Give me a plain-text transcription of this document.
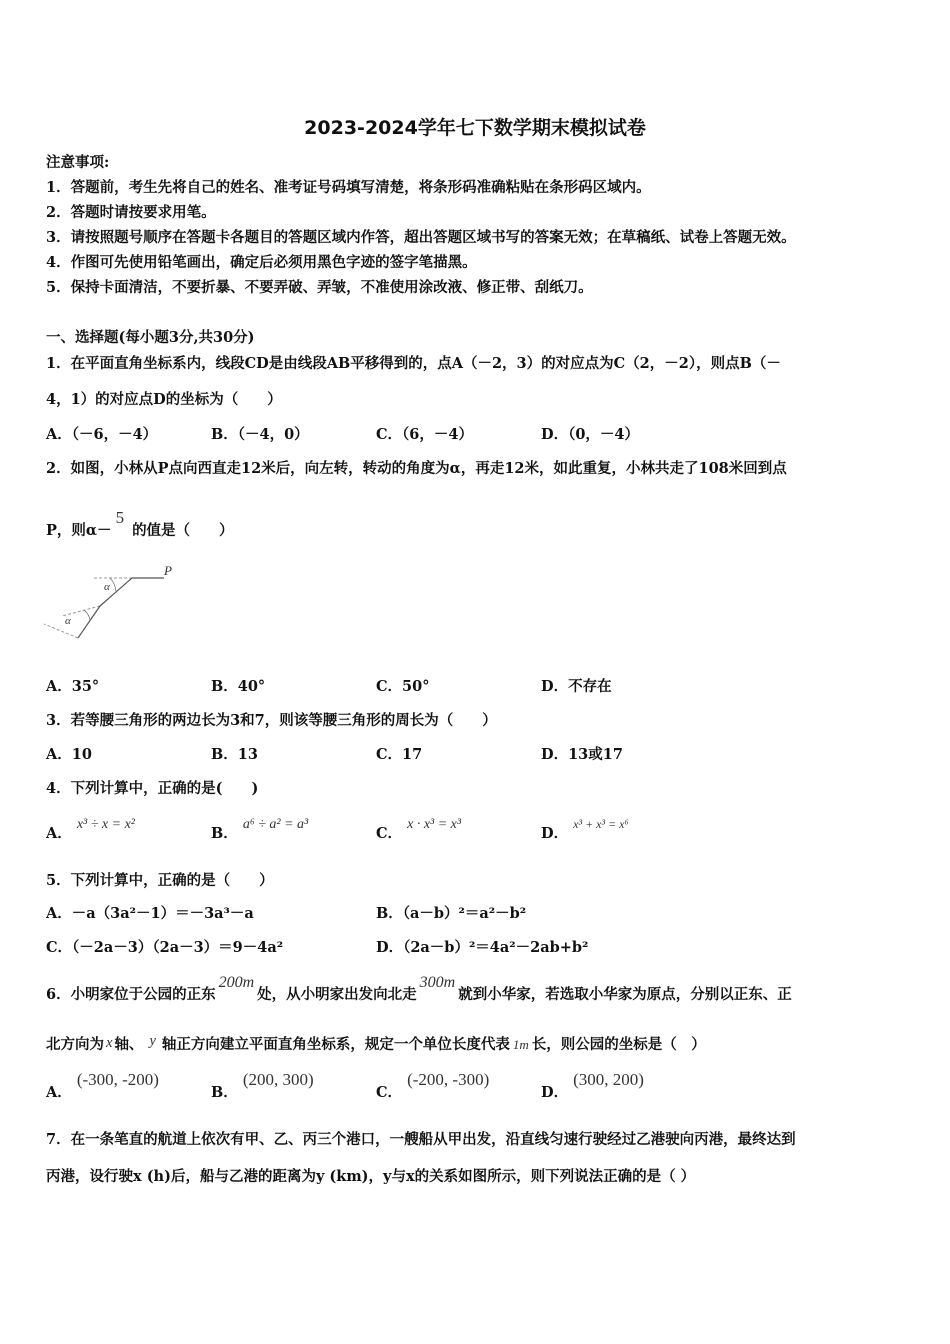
2023-2024学年七下数学期末模拟试卷
注意事项:
1．答题前，考生先将自己的姓名、准考证号码填写清楚，将条形码准确粘贴在条形码区域内。
2．答题时请按要求用笔。
3．请按照题号顺序在答题卡各题目的答题区域内作答，超出答题区域书写的答案无效；在草稿纸、试卷上答题无效。
4．作图可先使用铅笔画出，确定后必须用黑色字迹的签字笔描黑。
5．保持卡面清洁，不要折暴、不要弄破、弄皱，不准使用涂改液、修正带、刮纸刀。
一、选择题(每小题3分,共30分)
1．在平面直角坐标系内，线段CD是由线段AB平移得到的，点A（－2，3）的对应点为C（2，－2），则点B（－
4，1）的对应点D的坐标为（　　）
A．（－6，－4）	B．（－4，0）	C．（6，－4）	D．（0，－4）
2．如图，小林从P点向西直走12米后，向左转，转动的角度为α，再走12米，如此重复，小林共走了108米回到点
P，则α－5的值是（　　）
P
α
α
A．35°	B．40°	C．50°	D．不存在
3．若等腰三角形的两边长为3和7，则该等腰三角形的周长为（　　）
A．10	B．13	C．17	D．13或17
4．下列计算中，正确的是(　　)
A． x³ ÷ x = x²
B． a⁶ ÷ a² = a³
C． x · x³ = x³
D． $^{x^3 + x^3 = x^6}$
5．下列计算中，正确的是（　　）
A．－a（3a²－1）＝－3a³－a	B．（a－b）²＝a²－b²
C．（－2a－3）（2a－3）＝9－4a²	D．（2a－b）²＝4a²－2ab+b²
6．小明家位于公园的正东200m处，从小明家出发向北走300m就到小华家，若选取小华家为原点，分别以正东、正
北方向为 x 轴、 y 轴正方向建立平面直角坐标系，规定一个单位长度代表 1m 长，则公园的坐标是（　）
A． (-300, -200)
B． (200, 300)
C． (-200, -300)
D． (300, 200)
7．在一条笔直的航道上依次有甲、乙、丙三个港口，一艘船从甲出发，沿直线匀速行驶经过乙港驶向丙港，最终达到
丙港，设行驶x (h)后，船与乙港的距离为y (km)，y与x的关系如图所示，则下列说法正确的是（ ）
